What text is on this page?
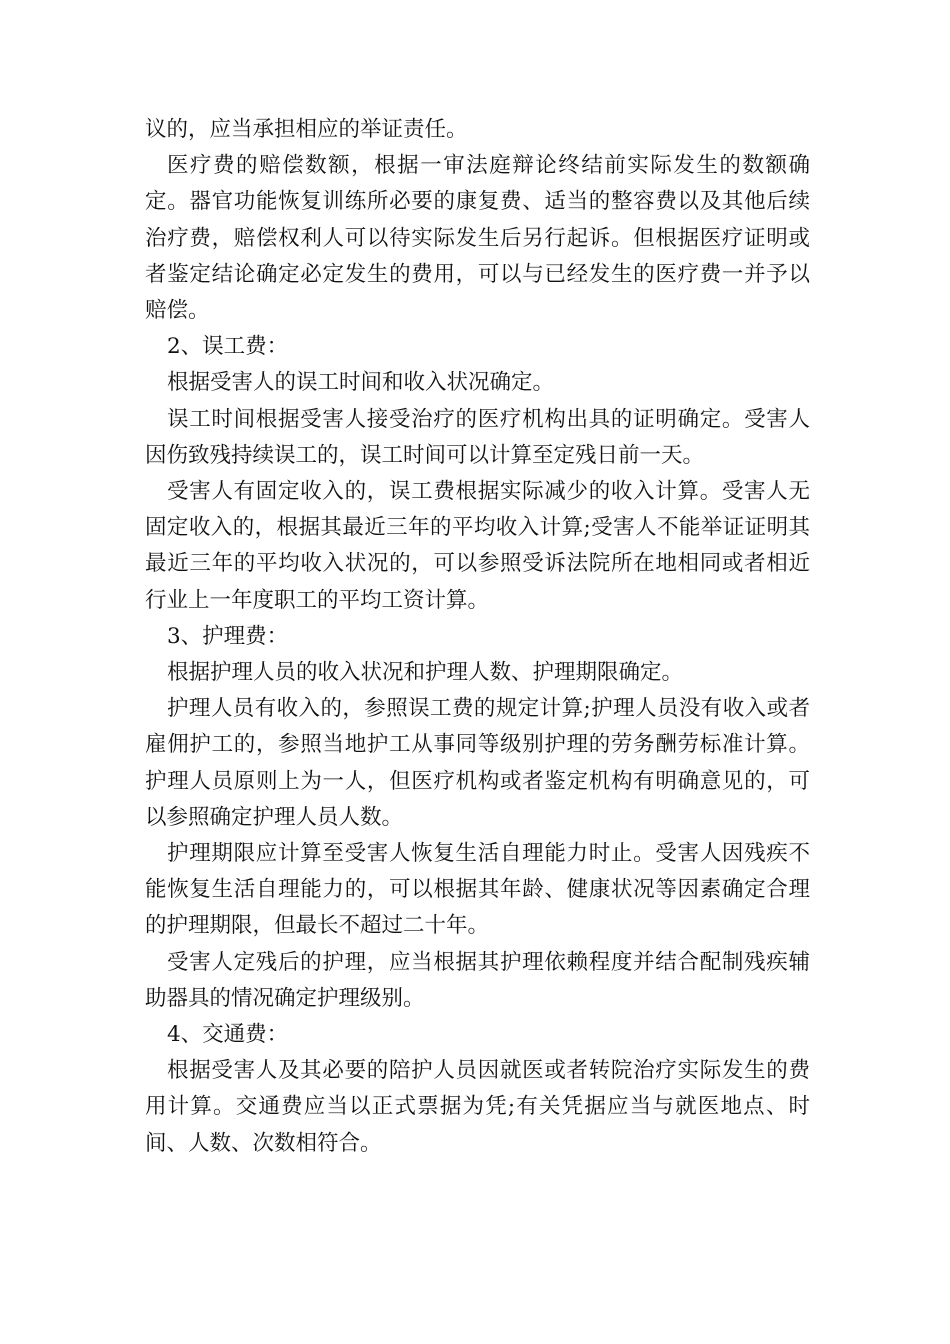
议的，应当承担相应的举证责任。

医疗费的赔偿数额，根据一审法庭辩论终结前实际发生的数额确定。器官功能恢复训练所必要的康复费、适当的整容费以及其他后续治疗费，赔偿权利人可以待实际发生后另行起诉。但根据医疗证明或者鉴定结论确定必定发生的费用，可以与已经发生的医疗费一并予以赔偿。

2、误工费：

根据受害人的误工时间和收入状况确定。

误工时间根据受害人接受治疗的医疗机构出具的证明确定。受害人因伤致残持续误工的，误工时间可以计算至定残日前一天。

受害人有固定收入的，误工费根据实际减少的收入计算。受害人无固定收入的，根据其最近三年的平均收入计算;受害人不能举证证明其最近三年的平均收入状况的，可以参照受诉法院所在地相同或者相近行业上一年度职工的平均工资计算。

3、护理费：

根据护理人员的收入状况和护理人数、护理期限确定。

护理人员有收入的，参照误工费的规定计算;护理人员没有收入或者雇佣护工的，参照当地护工从事同等级别护理的劳务酬劳标准计算。护理人员原则上为一人，但医疗机构或者鉴定机构有明确意见的，可以参照确定护理人员人数。

护理期限应计算至受害人恢复生活自理能力时止。受害人因残疾不能恢复生活自理能力的，可以根据其年龄、健康状况等因素确定合理的护理期限，但最长不超过二十年。

受害人定残后的护理，应当根据其护理依赖程度并结合配制残疾辅助器具的情况确定护理级别。

4、交通费：

根据受害人及其必要的陪护人员因就医或者转院治疗实际发生的费用计算。交通费应当以正式票据为凭;有关凭据应当与就医地点、时间、人数、次数相符合。
